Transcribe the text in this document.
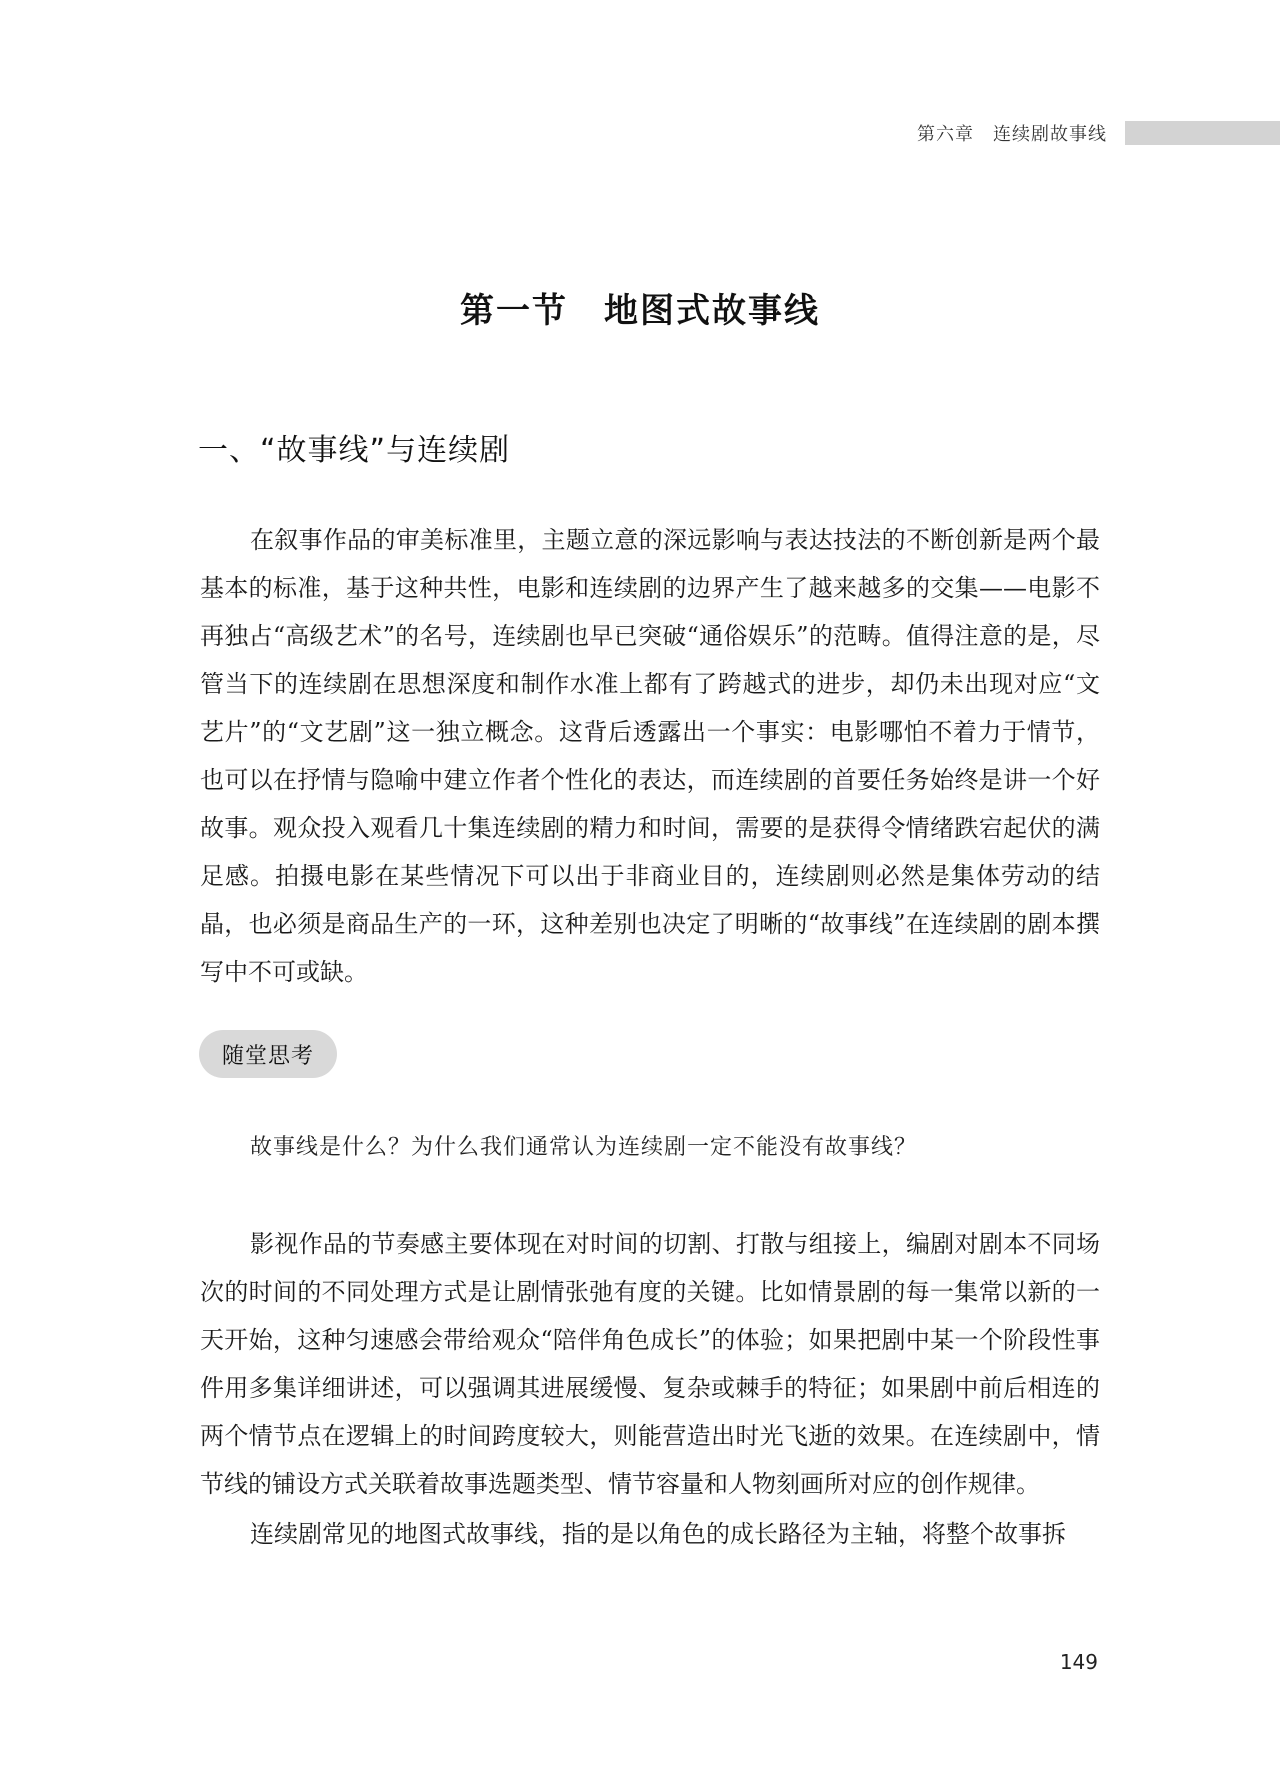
第六章　 连续剧故事线
第一节　地图式故事线
一、“故事线”与连续剧

在叙事作品的审美标准里，主题立意的深远影响与表达技法的不断创新是两个最基本的标准，基于这种共性，电影和连续剧的边界产生了越来越多的交集——电影不再独占“高级艺术”的名号，连续剧也早已突破“通俗娱乐”的范畴。值得注意的是，尽管当下的连续剧在思想深度和制作水准上都有了跨越式的进步，却仍未出现对应“文艺片”的“文艺剧”这一独立概念。这背后透露出一个事实：电影哪怕不着力于情节，也可以在抒情与隐喻中建立作者个性化的表达，而连续剧的首要任务始终是讲一个好故事。观众投入观看几十集连续剧的精力和时间，需要的是获得令情绪跌宕起伏的满足感。拍摄电影在某些情况下可以出于非商业目的，连续剧则必然是集体劳动的结晶，也必须是商品生产的一环，这种差别也决定了明晰的“故事线”在连续剧的剧本撰写中不可或缺。

随堂思考

故事线是什么？为什么我们通常认为连续剧一定不能没有故事线？

影视作品的节奏感主要体现在对时间的切割、打散与组接上，编剧对剧本不同场次的时间的不同处理方式是让剧情张弛有度的关键。比如情景剧的每一集常以新的一天开始，这种匀速感会带给观众“陪伴角色成长”的体验；如果把剧中某一个阶段性事件用多集详细讲述，可以强调其进展缓慢、复杂或棘手的特征；如果剧中前后相连的两个情节点在逻辑上的时间跨度较大，则能营造出时光飞逝的效果。在连续剧中，情节线的铺设方式关联着故事选题类型、情节容量和人物刻画所对应的创作规律。

连续剧常见的地图式故事线，指的是以角色的成长路径为主轴，将整个故事拆

149
